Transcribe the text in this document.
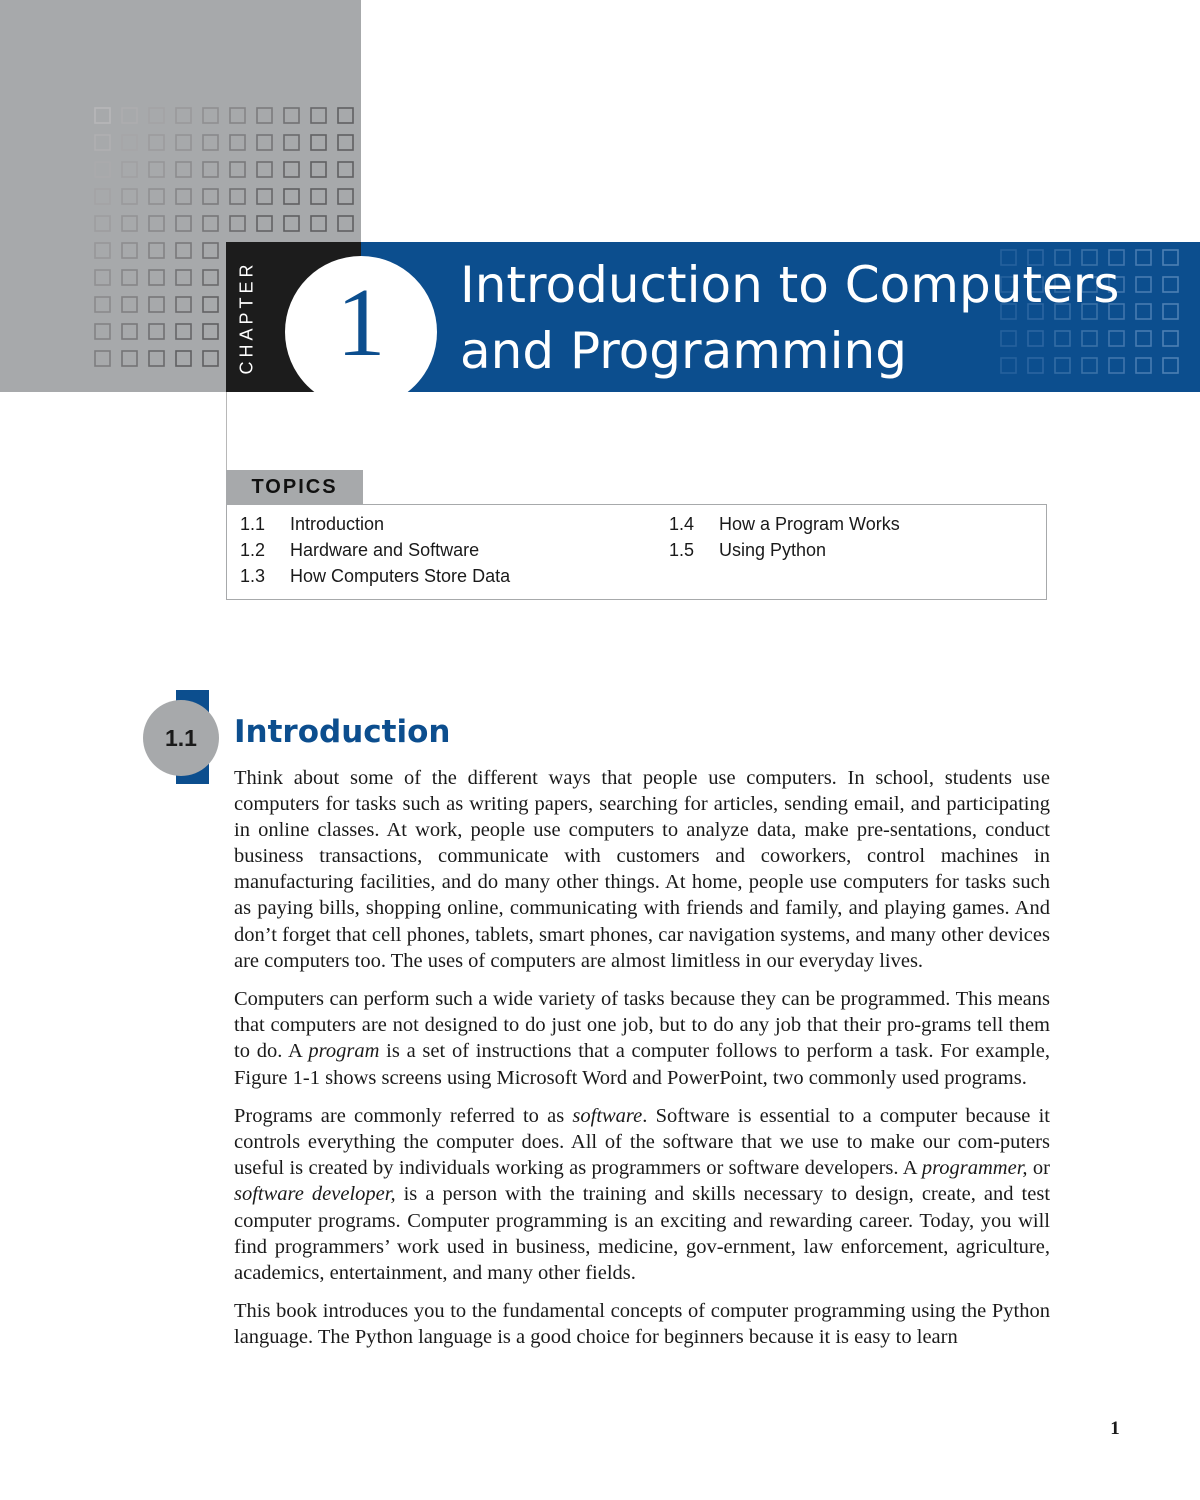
CHAPTER 1 Introduction to Computers
and Programming
TOPICS
1.1 Introduction
1.2 Hardware and Software
1.3 How Computers Store Data
1.4 How a Program Works
1.5 Using Python
1.1 Introduction

Think about some of the different ways that people use computers. In school, students use computers for tasks such as writing papers, searching for articles, sending email, and participating in online classes. At work, people use computers to analyze data, make pre-sentations, conduct business transactions, communicate with customers and coworkers, control machines in manufacturing facilities, and do many other things. At home, people use computers for tasks such as paying bills, shopping online, communicating with friends and family, and playing games. And don’t forget that cell phones, tablets, smart phones, car navigation systems, and many other devices are computers too. The uses of computers are almost limitless in our everyday lives.

Computers can perform such a wide variety of tasks because they can be programmed. This means that computers are not designed to do just one job, but to do any job that their pro-grams tell them to do. A program is a set of instructions that a computer follows to perform a task. For example, Figure 1-1 shows screens using Microsoft Word and PowerPoint, two commonly used programs.

Programs are commonly referred to as software. Software is essential to a computer because it controls everything the computer does. All of the software that we use to make our com-puters useful is created by individuals working as programmers or software developers. A programmer, or software developer, is a person with the training and skills necessary to design, create, and test computer programs. Computer programming is an exciting and rewarding career. Today, you will find programmers’ work used in business, medicine, gov-ernment, law enforcement, agriculture, academics, entertainment, and many other fields.

This book introduces you to the fundamental concepts of computer programming using the Python language. The Python language is a good choice for beginners because it is easy to learn

1
